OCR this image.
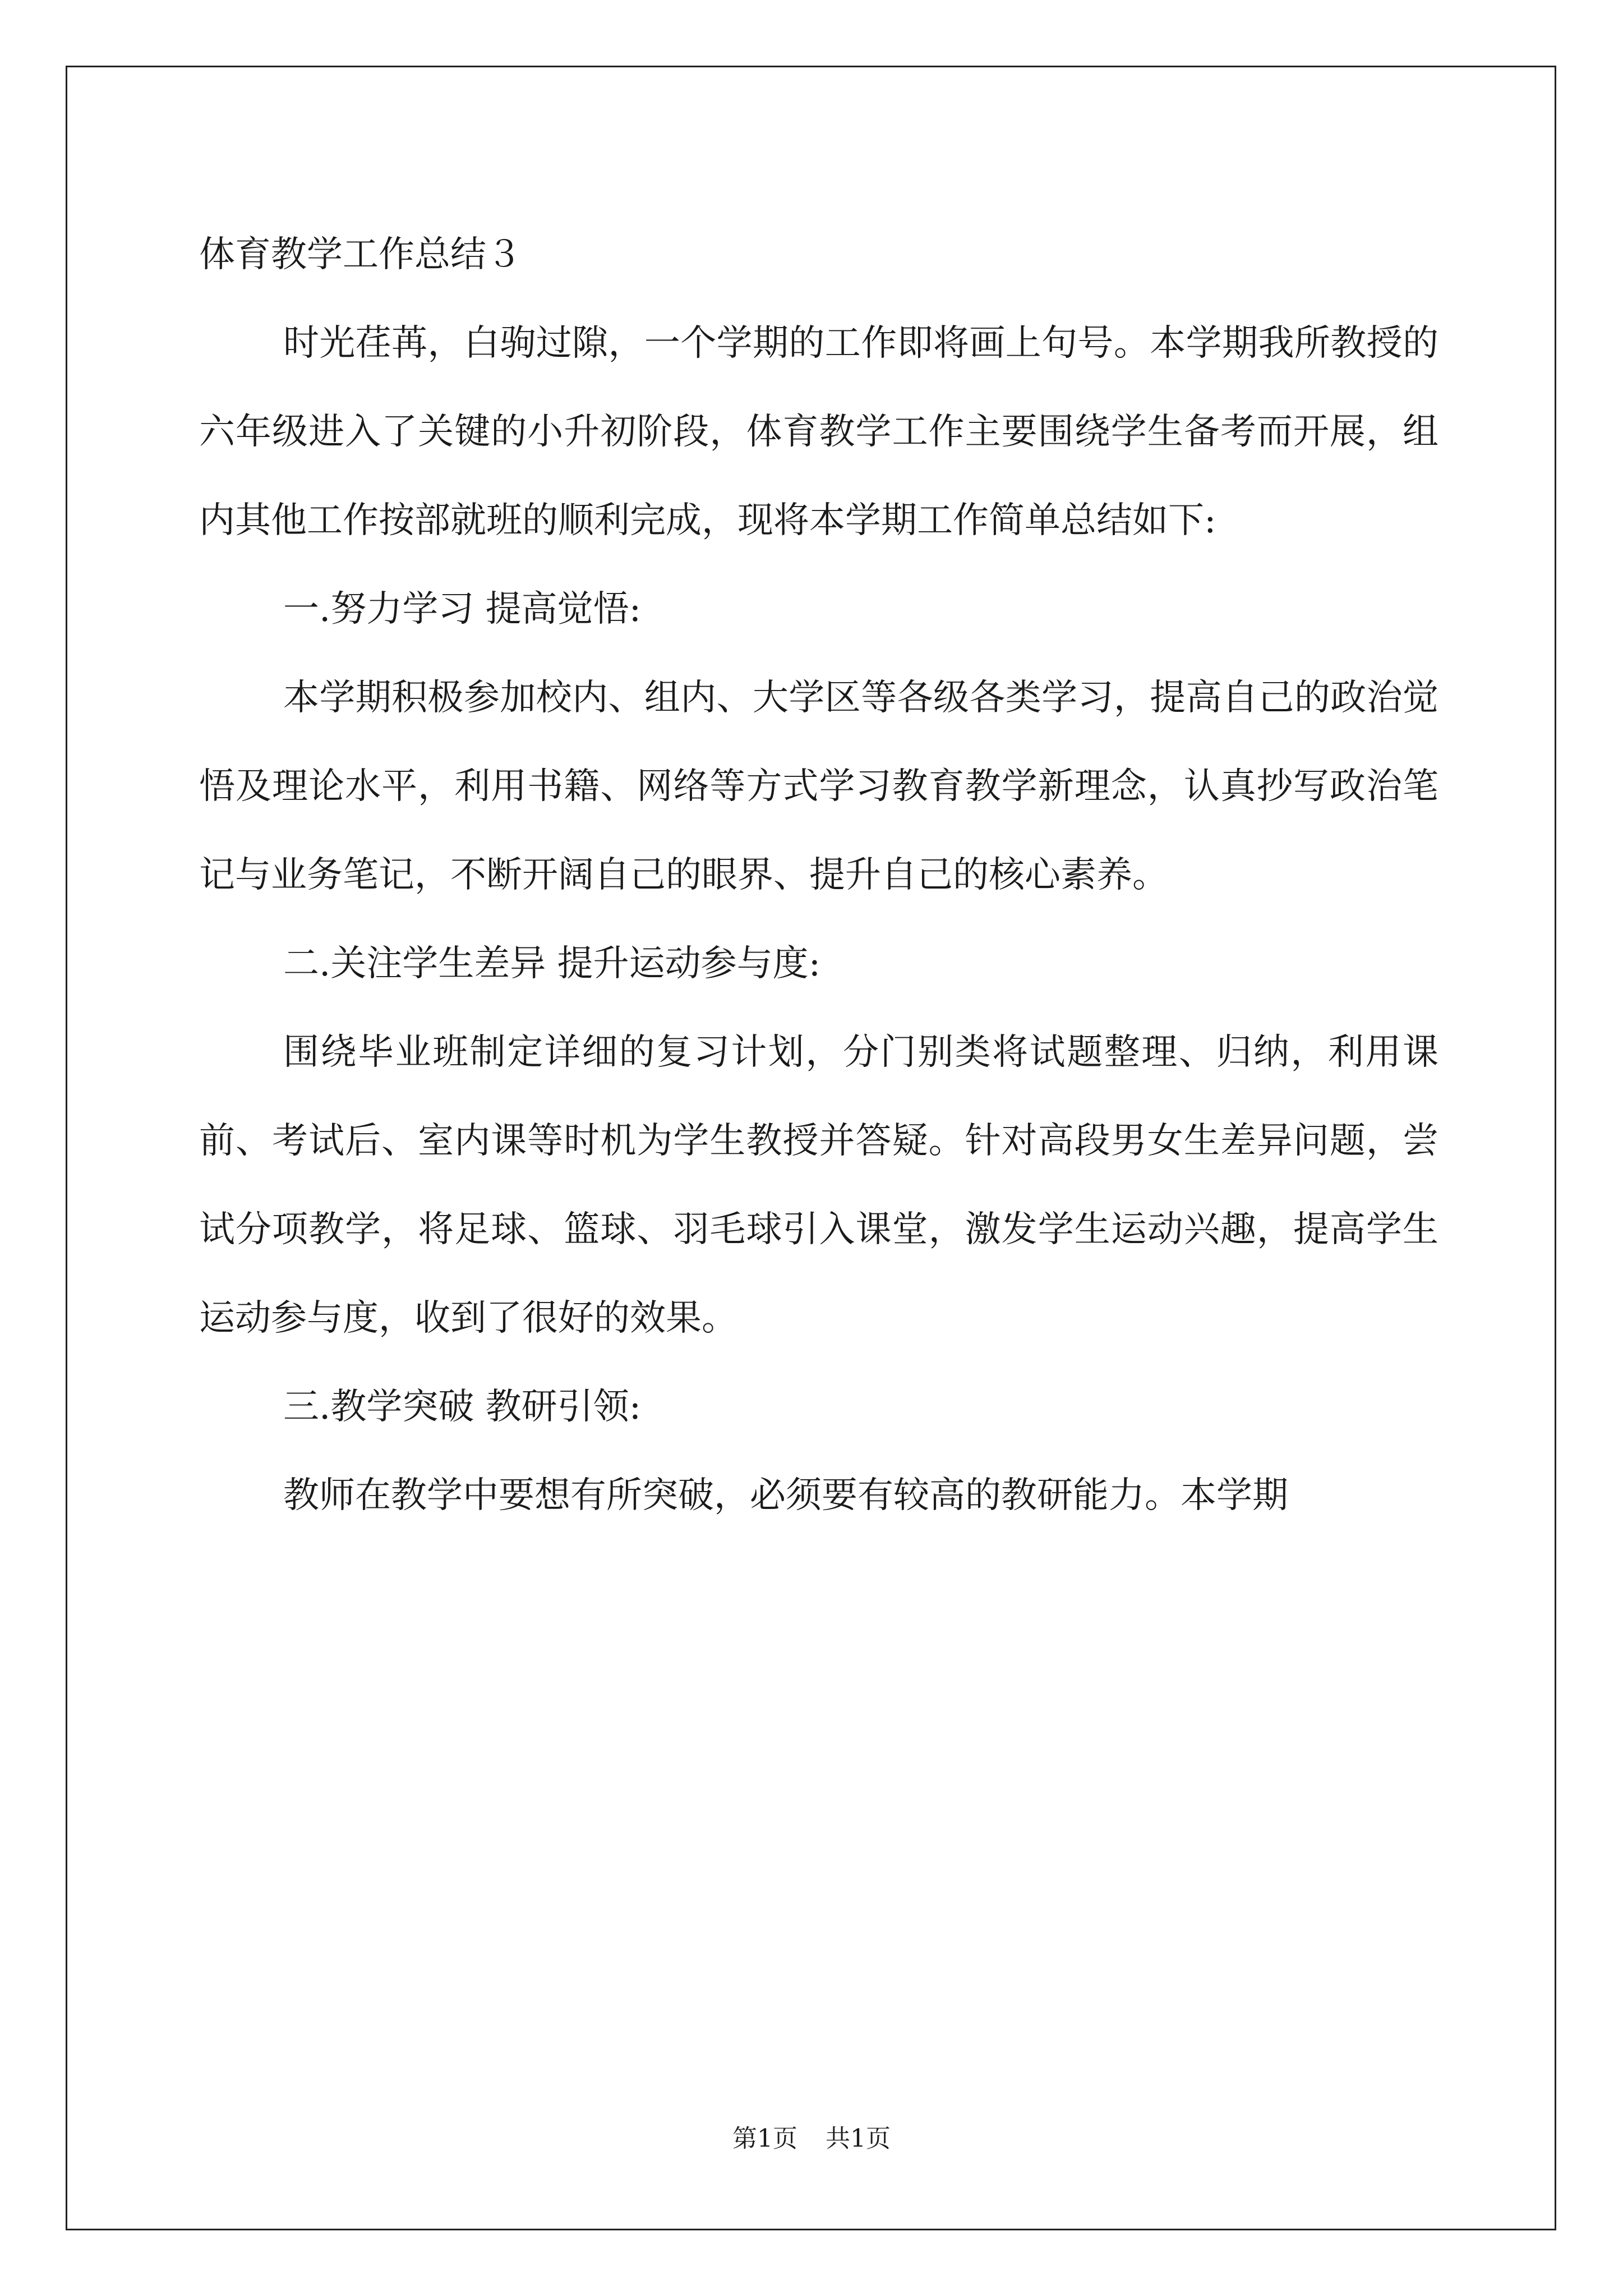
体育教学工作总结３

时光荏苒，白驹过隙，一个学期的工作即将画上句号。本学期我所教授的六年级进入了关键的小升初阶段，体育教学工作主要围绕学生备考而开展，组内其他工作按部就班的顺利完成，现将本学期工作简单总结如下:

一.努力学习 提高觉悟:

本学期积极参加校内、组内、大学区等各级各类学习，提高自己的政治觉悟及理论水平，利用书籍、网络等方式学习教育教学新理念，认真抄写政治笔记与业务笔记，不断开阔自己的眼界、提升自己的核心素养。

二.关注学生差异 提升运动参与度:

围绕毕业班制定详细的复习计划，分门别类将试题整理、归纳，利用课前、考试后、室内课等时机为学生教授并答疑。针对高段男女生差异问题，尝试分项教学，将足球、篮球、羽毛球引入课堂，激发学生运动兴趣，提高学生运动参与度，收到了很好的效果。

三.教学突破 教研引领:

教师在教学中要想有所突破，必须要有较高的教研能力。本学期

第1页 共1页
